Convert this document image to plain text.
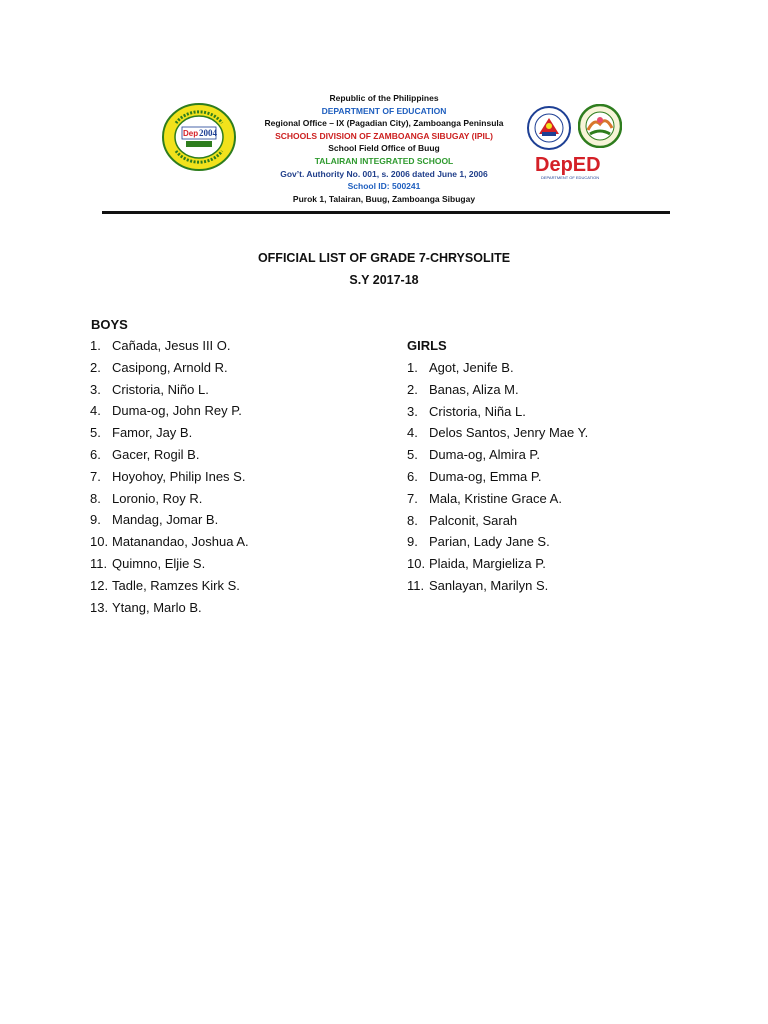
Dep 2004
Republic of the Philippines
DEPARTMENT OF EDUCATION
Regional Office – IX (Pagadian City), Zamboanga Peninsula
SCHOOLS DIVISION OF ZAMBOANGA SIBUGAY (IPIL)
School Field Office of Buug
TALAIRAN INTEGRATED SCHOOL
Gov’t. Authority No. 001, s. 2006 dated June 1, 2006
School ID: 500241
Purok 1, Talairan, Buug, Zamboanga Sibugay
DepED
DEPARTMENT OF EDUCATION
OFFICIAL LIST OF GRADE 7-CHRYSOLITE
S.Y 2017-18
BOYS
1. Cañada, Jesus III O.
2. Casipong, Arnold R.
3. Cristoria, Niño L.
4. Duma-og, John Rey P.
5. Famor, Jay B.
6. Gacer, Rogil B.
7. Hoyohoy, Philip Ines S.
8. Loronio, Roy R.
9. Mandag, Jomar B.
10. Matanandao, Joshua A.
11. Quimno, Eljie S.
12. Tadle, Ramzes Kirk S.
13. Ytang, Marlo B.
GIRLS
1. Agot, Jenife B.
2. Banas, Aliza M.
3. Cristoria, Niña L.
4. Delos Santos, Jenry Mae Y.
5. Duma-og, Almira P.
6. Duma-og, Emma P.
7. Mala, Kristine Grace A.
8. Palconit, Sarah
9. Parian, Lady Jane S.
10. Plaida, Margieliza P.
11. Sanlayan, Marilyn S.
